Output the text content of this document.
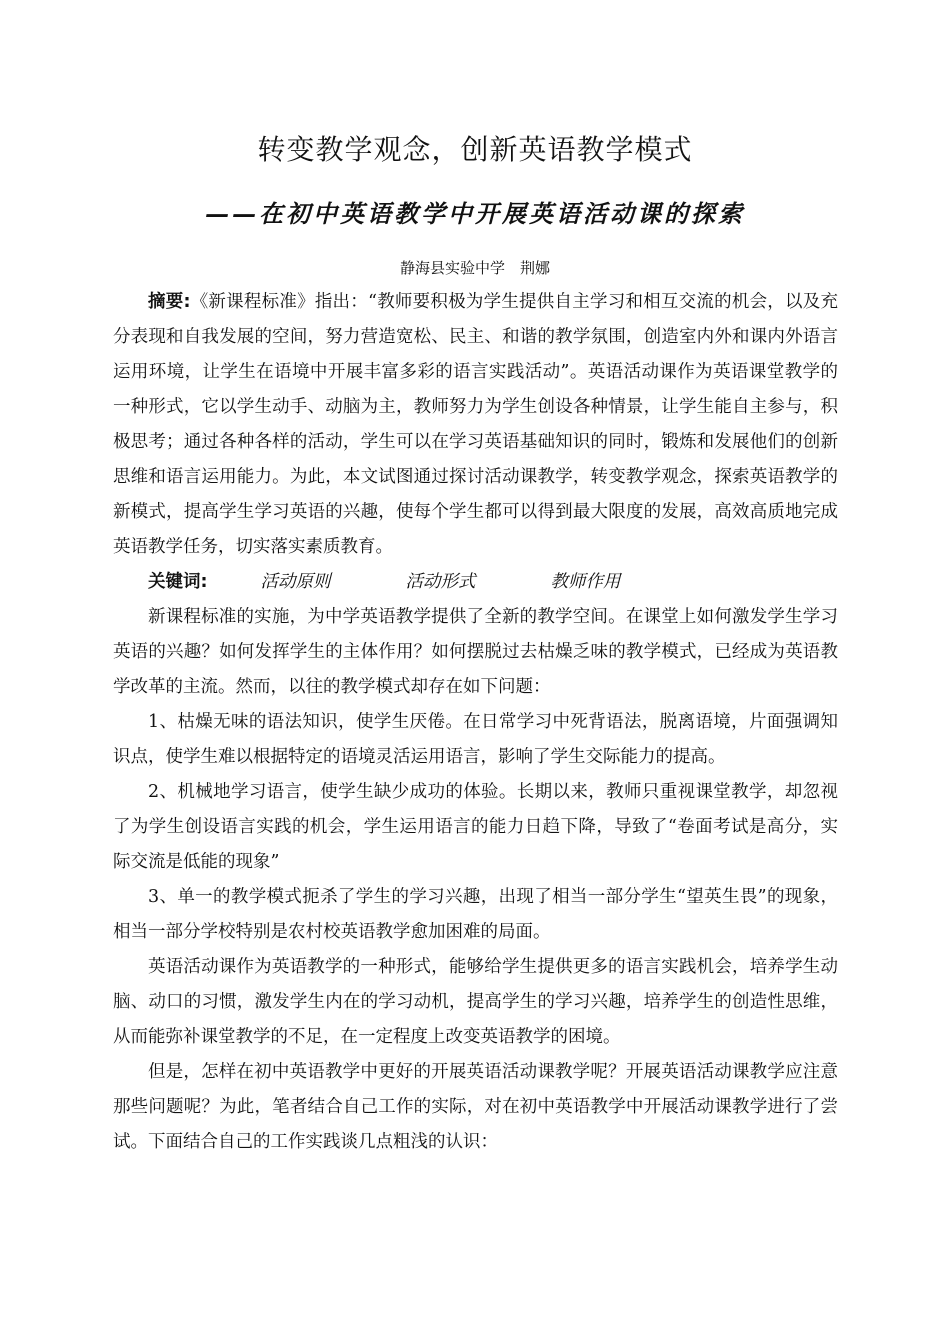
转变教学观念，创新英语教学模式
——在初中英语教学中开展英语活动课的探索
静海县实验中学　荆娜

摘要:《新课程标准》指出：“教师要积极为学生提供自主学习和相互交流的机会，以及充分表现和自我发展的空间，努力营造宽松、民主、和谐的教学氛围，创造室内外和课内外语言运用环境，让学生在语境中开展丰富多彩的语言实践活动”。英语活动课作为英语课堂教学的一种形式，它以学生动手、动脑为主，教师努力为学生创设各种情景，让学生能自主参与，积极思考；通过各种各样的活动，学生可以在学习英语基础知识的同时，锻炼和发展他们的创新思维和语言运用能力。为此，本文试图通过探讨活动课教学，转变教学观念，探索英语教学的新模式，提高学生学习英语的兴趣，使每个学生都可以得到最大限度的发展，高效高质地完成英语教学任务，切实落实素质教育。

关键词:	活动原则	活动形式	教师作用

新课程标准的实施，为中学英语教学提供了全新的教学空间。在课堂上如何激发学生学习英语的兴趣？如何发挥学生的主体作用？如何摆脱过去枯燥乏味的教学模式，已经成为英语教学改革的主流。然而，以往的教学模式却存在如下问题：

1、枯燥无味的语法知识，使学生厌倦。在日常学习中死背语法，脱离语境，片面强调知识点，使学生难以根据特定的语境灵活运用语言，影响了学生交际能力的提高。

2、机械地学习语言，使学生缺少成功的体验。长期以来，教师只重视课堂教学，却忽视了为学生创设语言实践的机会，学生运用语言的能力日趋下降，导致了“卷面考试是高分，实际交流是低能的现象”

3、单一的教学模式扼杀了学生的学习兴趣，出现了相当一部分学生“望英生畏”的现象，相当一部分学校特别是农村校英语教学愈加困难的局面。

英语活动课作为英语教学的一种形式，能够给学生提供更多的语言实践机会，培养学生动脑、动口的习惯，激发学生内在的学习动机，提高学生的学习兴趣，培养学生的创造性思维，从而能弥补课堂教学的不足，在一定程度上改变英语教学的困境。

但是，怎样在初中英语教学中更好的开展英语活动课教学呢？开展英语活动课教学应注意那些问题呢？为此，笔者结合自己工作的实际，对在初中英语教学中开展活动课教学进行了尝试。下面结合自己的工作实践谈几点粗浅的认识：
